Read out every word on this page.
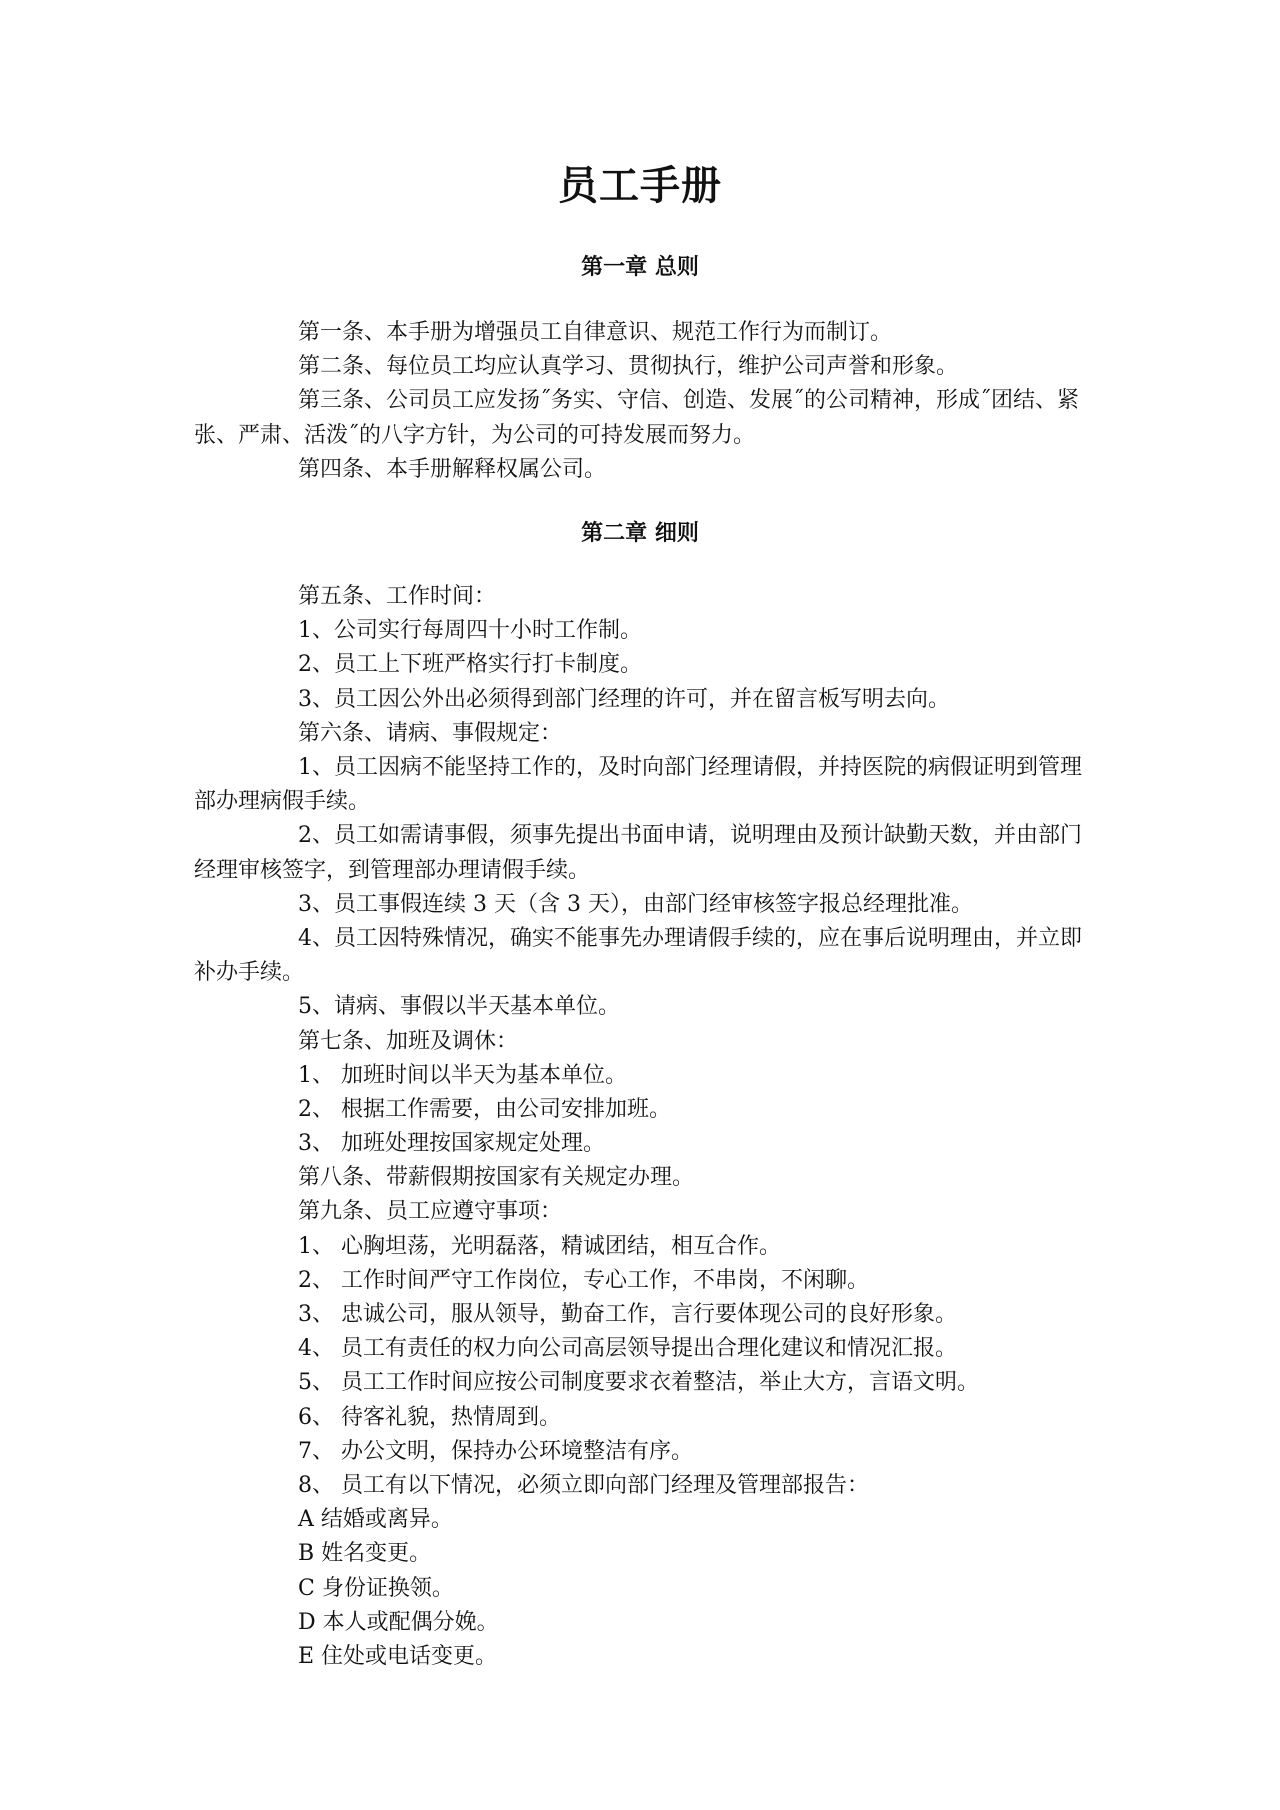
员工手册
第一章 总则

第一条、本手册为增强员工自律意识、规范工作行为而制订。

第二条、每位员工均应认真学习、贯彻执行，维护公司声誉和形象。

第三条、公司员工应发扬˝务实、守信、创造、发展˝的公司精神，形成˝团结、紧张、严肃、活泼˝的八字方针，为公司的可持发展而努力。

第四条、本手册解释权属公司。

第二章 细则

第五条、工作时间：

1、公司实行每周四十小时工作制。

2、员工上下班严格实行打卡制度。

3、员工因公外出必须得到部门经理的许可，并在留言板写明去向。

第六条、请病、事假规定：

1、员工因病不能坚持工作的，及时向部门经理请假，并持医院的病假证明到管理部办理病假手续。

2、员工如需请事假，须事先提出书面申请，说明理由及预计缺勤天数，并由部门经理审核签字，到管理部办理请假手续。

3、员工事假连续 3 天（含 3 天），由部门经审核签字报总经理批准。

4、员工因特殊情况，确实不能事先办理请假手续的，应在事后说明理由，并立即补办手续。

5、请病、事假以半天基本单位。

第七条、加班及调休：

1、 加班时间以半天为基本单位。

2、 根据工作需要，由公司安排加班。

3、 加班处理按国家规定处理。

第八条、带薪假期按国家有关规定办理。

第九条、员工应遵守事项：

1、 心胸坦荡，光明磊落，精诚团结，相互合作。

2、 工作时间严守工作岗位，专心工作，不串岗，不闲聊。

3、 忠诚公司，服从领导，勤奋工作，言行要体现公司的良好形象。

4、 员工有责任的权力向公司高层领导提出合理化建议和情况汇报。

5、 员工工作时间应按公司制度要求衣着整洁，举止大方，言语文明。

6、 待客礼貌，热情周到。

7、 办公文明，保持办公环境整洁有序。

8、 员工有以下情况，必须立即向部门经理及管理部报告：

A 结婚或离异。

B 姓名变更。

C 身份证换领。

D 本人或配偶分娩。

E 住处或电话变更。
